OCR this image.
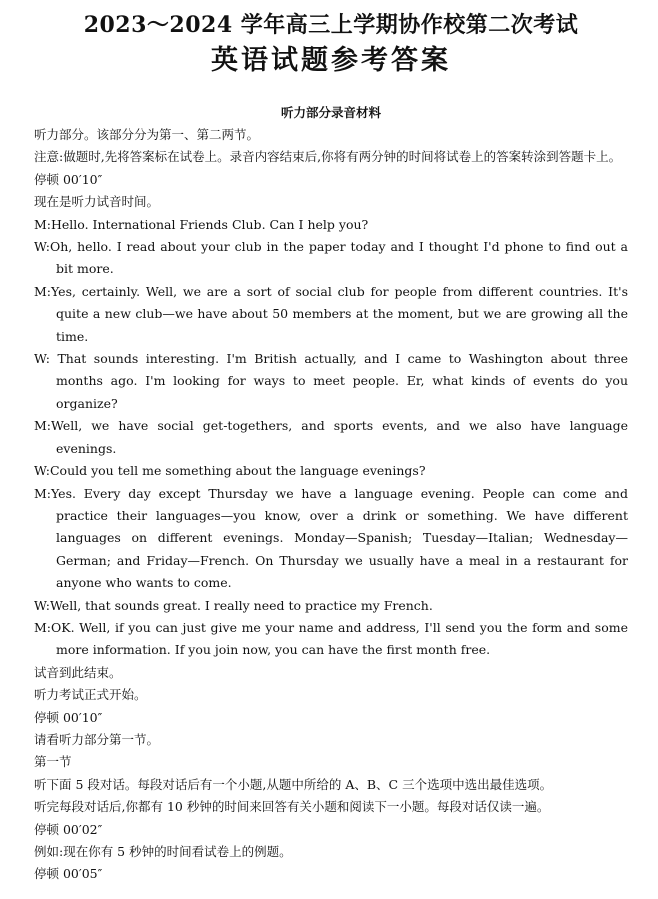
2023～2024 学年高三上学期协作校第二次考试
英语试题参考答案
听力部分录音材料

听力部分。该部分分为第一、第二两节。

注意:做题时,先将答案标在试卷上。录音内容结束后,你将有两分钟的时间将试卷上的答案转涂到答题卡上。

停顿 00′10″

现在是听力试音时间。

M:Hello. International Friends Club. Can I help you?

W:Oh, hello. I read about your club in the paper today and I thought I'd phone to find out a bit more.

M:Yes, certainly. Well, we are a sort of social club for people from different countries. It's quite a new club—we have about 50 members at the moment, but we are growing all the time.

W: That sounds interesting. I'm British actually, and I came to Washington about three months ago. I'm looking for ways to meet people. Er, what kinds of events do you organize?

M:Well, we have social get-togethers, and sports events, and we also have language evenings.

W:Could you tell me something about the language evenings?

M:Yes. Every day except Thursday we have a language evening. People can come and practice their languages—you know, over a drink or something. We have different languages on different evenings. Monday—Spanish; Tuesday—Italian; Wednesday—German; and Friday—French. On Thursday we usually have a meal in a restaurant for anyone who wants to come.

W:Well, that sounds great. I really need to practice my French.

M:OK. Well, if you can just give me your name and address, I'll send you the form and some more information. If you join now, you can have the first month free.

试音到此结束。

听力考试正式开始。

停顿 00′10″

请看听力部分第一节。

第一节

听下面 5 段对话。每段对话后有一个小题,从题中所给的 A、B、C 三个选项中选出最佳选项。

听完每段对话后,你都有 10 秒钟的时间来回答有关小题和阅读下一小题。每段对话仅读一遍。

停顿 00′02″

例如:现在你有 5 秒钟的时间看试卷上的例题。

停顿 00′05″
